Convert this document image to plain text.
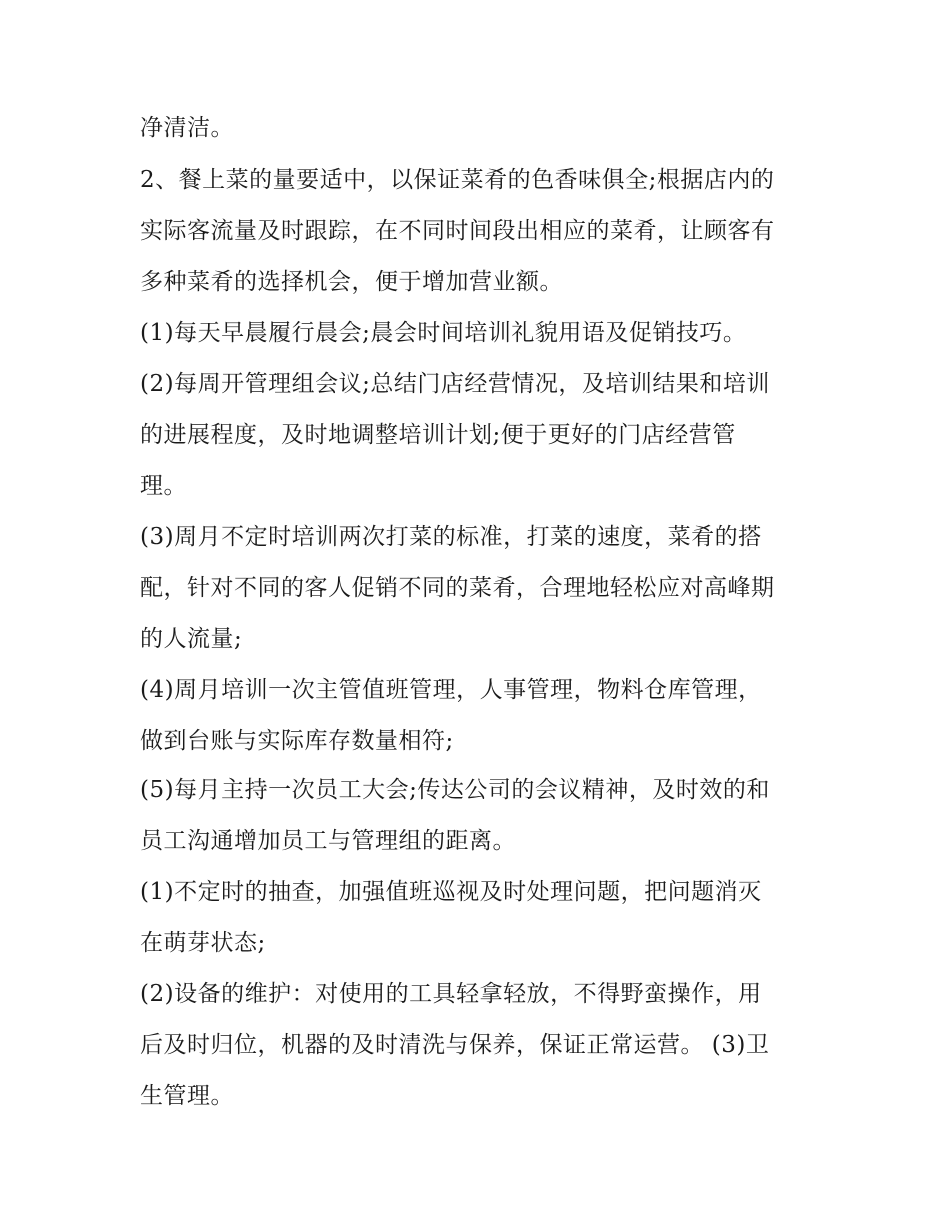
净清洁。
2、餐上菜的量要适中，以保证菜肴的色香味俱全;根据店内的
实际客流量及时跟踪，在不同时间段出相应的菜肴，让顾客有
多种菜肴的选择机会，便于增加营业额。
(1)每天早晨履行晨会;晨会时间培训礼貌用语及促销技巧。
(2)每周开管理组会议;总结门店经营情况，及培训结果和培训
的进展程度，及时地调整培训计划;便于更好的门店经营管
理。
(3)周月不定时培训两次打菜的标准，打菜的速度，菜肴的搭
配，针对不同的客人促销不同的菜肴，合理地轻松应对高峰期
的人流量;
(4)周月培训一次主管值班管理，人事管理，物料仓库管理，
做到台账与实际库存数量相符;
(5)每月主持一次员工大会;传达公司的会议精神，及时效的和
员工沟通增加员工与管理组的距离。
(1)不定时的抽查，加强值班巡视及时处理问题，把问题消灭
在萌芽状态;
(2)设备的维护：对使用的工具轻拿轻放，不得野蛮操作，用
后及时归位，机器的及时清洗与保养，保证正常运营。 (3)卫
生管理。
